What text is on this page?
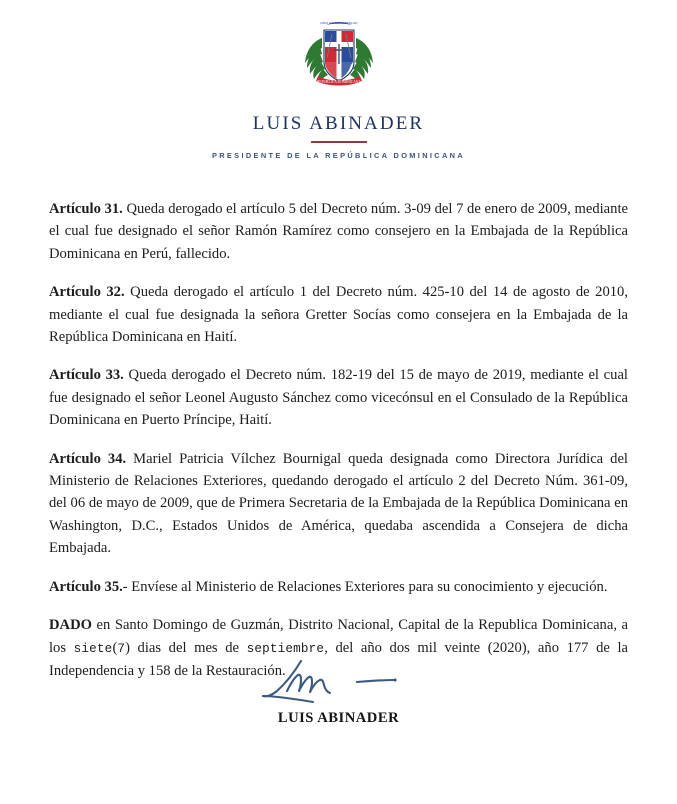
DIOS PATRIA LIBERTAD
REPUBLICA DOMINICANA
LUIS ABINADER
PRESIDENTE DE LA REPÚBLICA DOMINICANA

Artículo 31. Queda derogado el artículo 5 del Decreto núm. 3-09 del 7 de enero de 2009, mediante el cual fue designado el señor Ramón Ramírez como consejero en la Embajada de la República Dominicana en Perú, fallecido.

Artículo 32. Queda derogado el artículo 1 del Decreto núm. 425-10 del 14 de agosto de 2010, mediante el cual fue designada la señora Gretter Socías como consejera en la Embajada de la República Dominicana en Haití.

Artículo 33. Queda derogado el Decreto núm. 182-19 del 15 de mayo de 2019, mediante el cual fue designado el señor Leonel Augusto Sánchez como vicecónsul en el Consulado de la República Dominicana en Puerto Príncipe, Haití.

Artículo 34. Mariel Patricia Vílchez Bournigal queda designada como Directora Jurídica del Ministerio de Relaciones Exteriores, quedando derogado el artículo 2 del Decreto Núm. 361-09, del 06 de mayo de 2009, que de Primera Secretaria de la Embajada de la República Dominicana en Washington, D.C., Estados Unidos de América, quedaba ascendida a Consejera de dicha Embajada.

Artículo 35.- Envíese al Ministerio de Relaciones Exteriores para su conocimiento y ejecución.

DADO en Santo Domingo de Guzmán, Distrito Nacional, Capital de la Republica Dominicana, a los siete(7) dias del mes de septiembre, del año dos mil veinte (2020), año 177 de la Independencia y 158 de la Restauración.

LUIS ABINADER
